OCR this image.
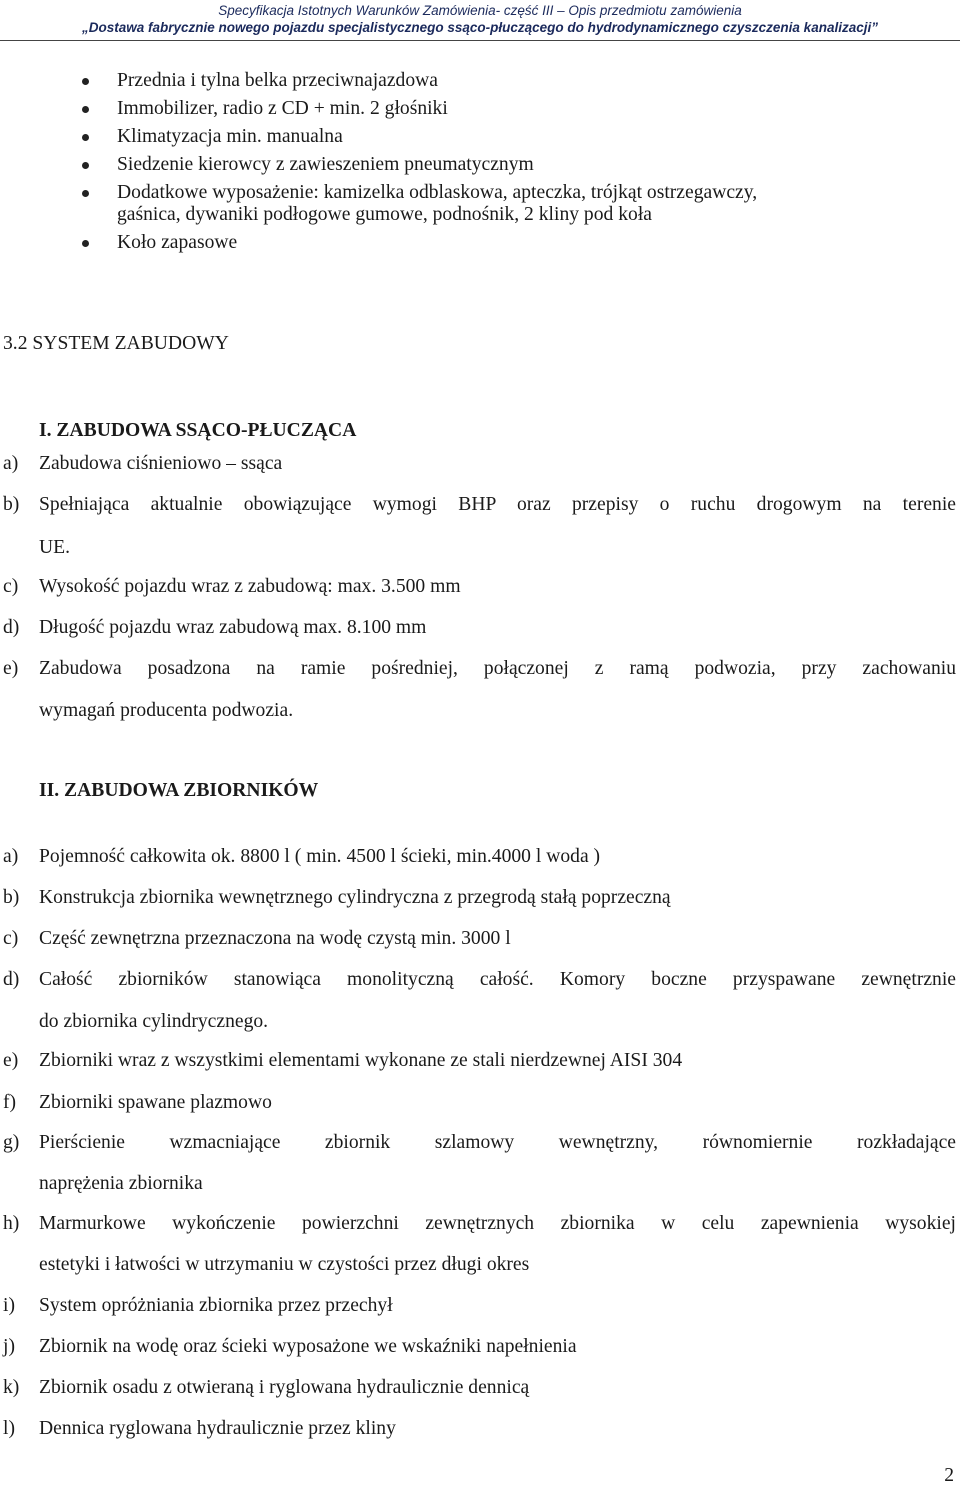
Specyfikacja Istotnych Warunków Zamówienia- część III – Opis przedmiotu zamówienia
„Dostawa fabrycznie nowego pojazdu specjalistycznego ssąco-płuczącego do hydrodynamicznego czyszczenia kanalizacji”
Przednia i tylna belka przeciwnajazdowa
Immobilizer, radio z CD + min. 2 głośniki
Klimatyzacja min. manualna
Siedzenie kierowcy z zawieszeniem pneumatycznym
Dodatkowe wyposażenie: kamizelka odblaskowa, apteczka, trójkąt ostrzegawczy,
gaśnica, dywaniki podłogowe gumowe, podnośnik, 2 kliny pod koła
Koło zapasowe
3.2 SYSTEM ZABUDOWY
I. ZABUDOWA SSĄCO-PŁUCZĄCA
a) Zabudowa ciśnieniowo – ssąca
b) Spełniająca aktualnie obowiązujące wymogi BHP oraz przepisy o ruchu drogowym na terenie
UE.
c) Wysokość pojazdu wraz z zabudową: max. 3.500 mm
d) Długość pojazdu wraz zabudową max. 8.100 mm
e) Zabudowa posadzona na ramie pośredniej, połączonej z ramą podwozia, przy zachowaniu
wymagań producenta podwozia.
II. ZABUDOWA ZBIORNIKÓW
a) Pojemność całkowita ok. 8800 l ( min. 4500 l ścieki, min.4000 l woda )
b) Konstrukcja zbiornika wewnętrznego cylindryczna z przegrodą stałą poprzeczną
c) Część zewnętrzna przeznaczona na wodę czystą min. 3000 l
d) Całość zbiorników stanowiąca monolityczną całość. Komory boczne przyspawane zewnętrznie
do zbiornika cylindrycznego.
e) Zbiorniki wraz z wszystkimi elementami wykonane ze stali nierdzewnej AISI 304
f) Zbiorniki spawane plazmowo
g) Pierścienie wzmacniające zbiornik szlamowy wewnętrzny, równomiernie rozkładające
naprężenia zbiornika
h) Marmurkowe wykończenie powierzchni zewnętrznych zbiornika w celu zapewnienia wysokiej
estetyki i łatwości w utrzymaniu w czystości przez długi okres
i) System opróżniania zbiornika przez przechył
j) Zbiornik na wodę oraz ścieki wyposażone we wskaźniki napełnienia
k) Zbiornik osadu z otwieraną i ryglowana hydraulicznie dennicą
l) Dennica ryglowana hydraulicznie przez kliny
2
